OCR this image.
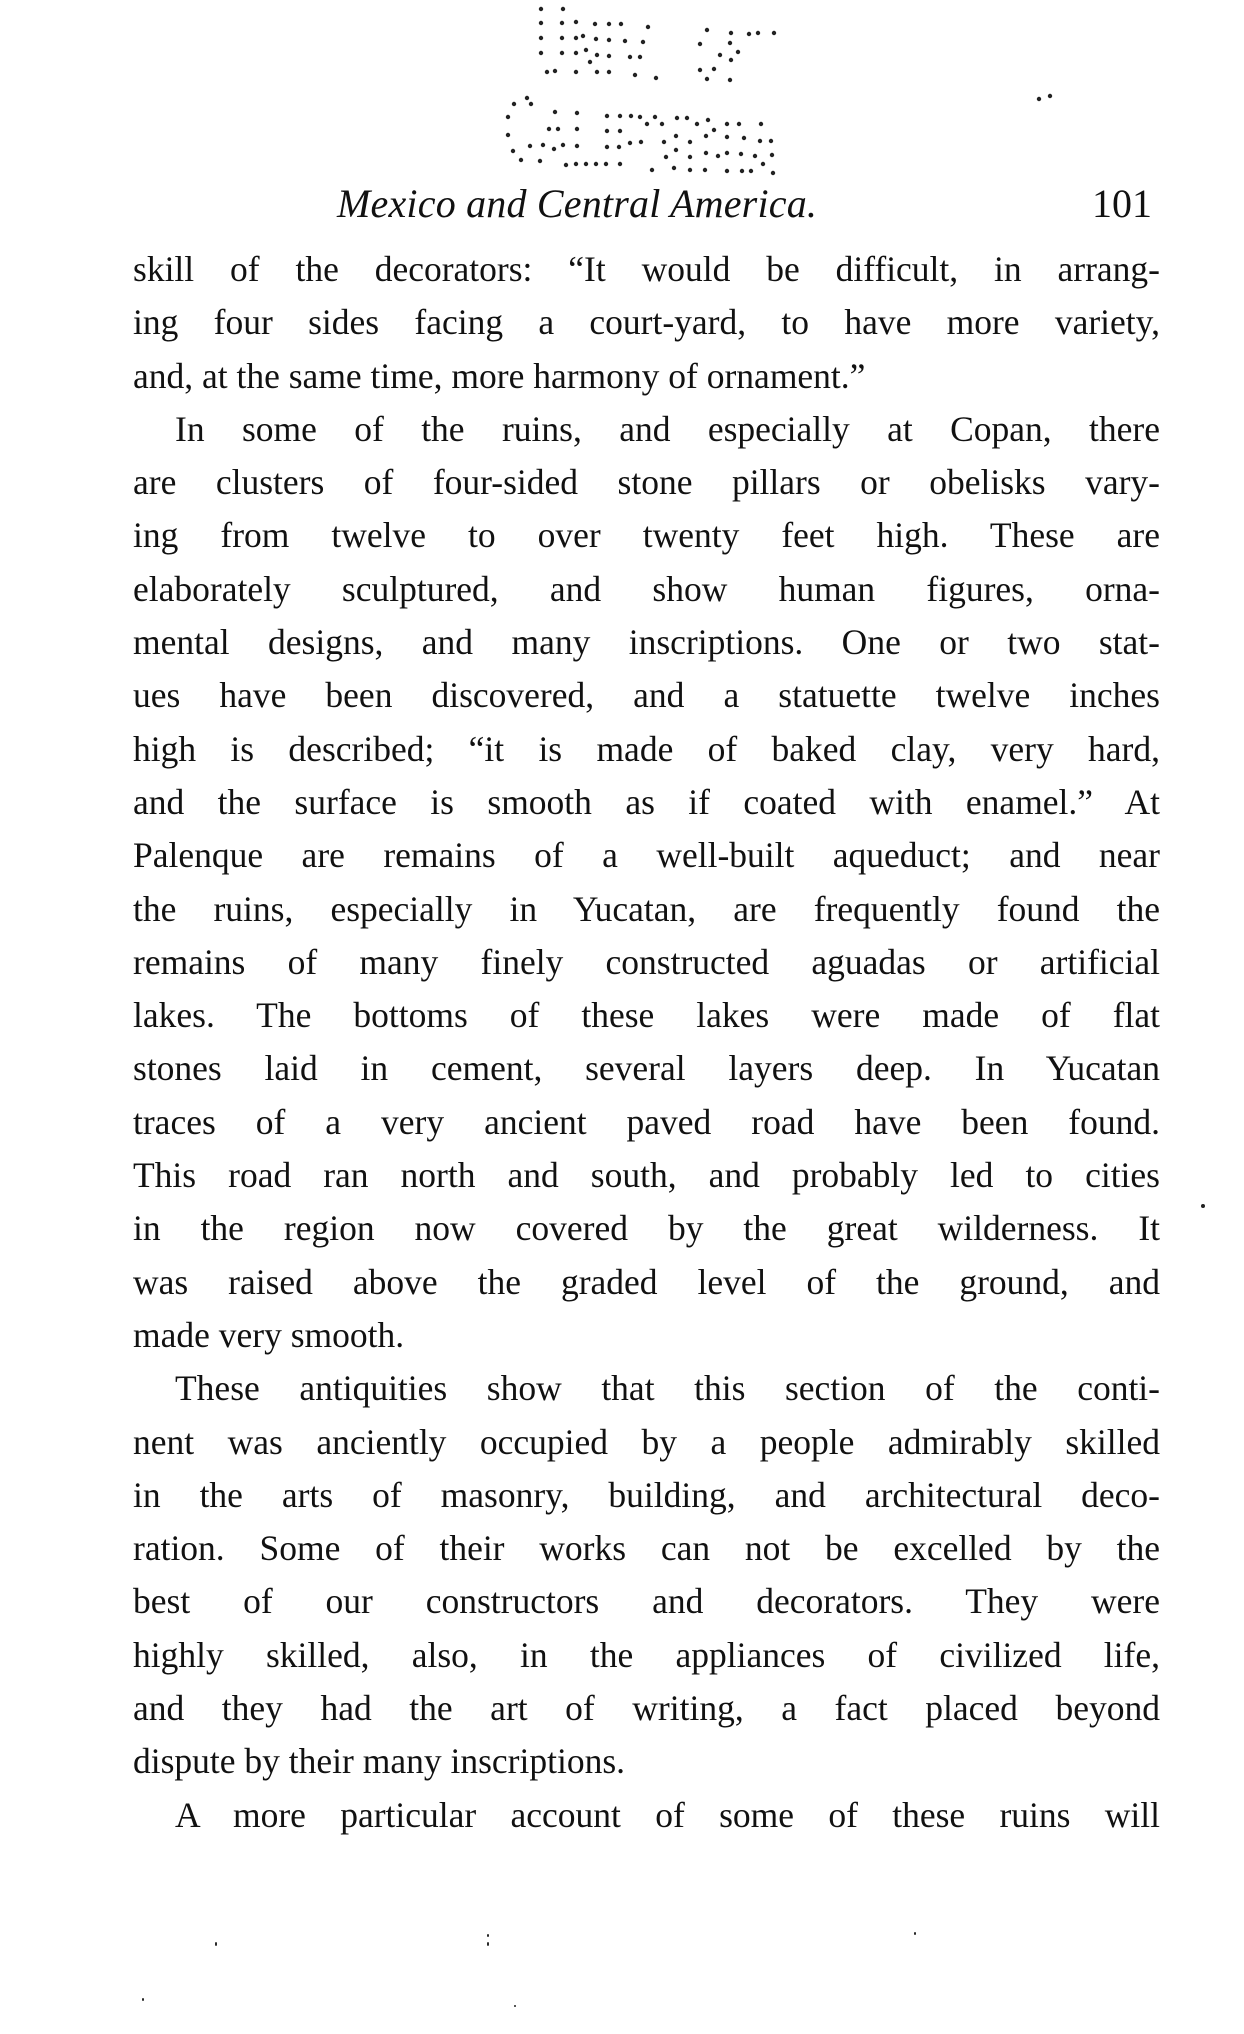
Mexico and Central America.	101
skill of the decorators: “It would be difficult, in arrang-
ing four sides facing a court-yard, to have more variety,
and, at the same time, more harmony of ornament.”
In some of the ruins, and especially at Copan, there
are clusters of four-sided stone pillars or obelisks vary-
ing from twelve to over twenty feet high. These are
elaborately sculptured, and show human figures, orna-
mental designs, and many inscriptions. One or two stat-
ues have been discovered, and a statuette twelve inches
high is described; “it is made of baked clay, very hard,
and the surface is smooth as if coated with enamel.” At
Palenque are remains of a well-built aqueduct; and near
the ruins, especially in Yucatan, are frequently found the
remains of many finely constructed aguadas or artificial
lakes. The bottoms of these lakes were made of flat
stones laid in cement, several layers deep. In Yucatan
traces of a very ancient paved road have been found.
This road ran north and south, and probably led to cities
in the region now covered by the great wilderness. It
was raised above the graded level of the ground, and
made very smooth.
These antiquities show that this section of the conti-
nent was anciently occupied by a people admirably skilled
in the arts of masonry, building, and architectural deco-
ration. Some of their works can not be excelled by the
best of our constructors and decorators. They were
highly skilled, also, in the appliances of civilized life,
and they had the art of writing, a fact placed beyond
dispute by their many inscriptions.
A more particular account of some of these ruins will
